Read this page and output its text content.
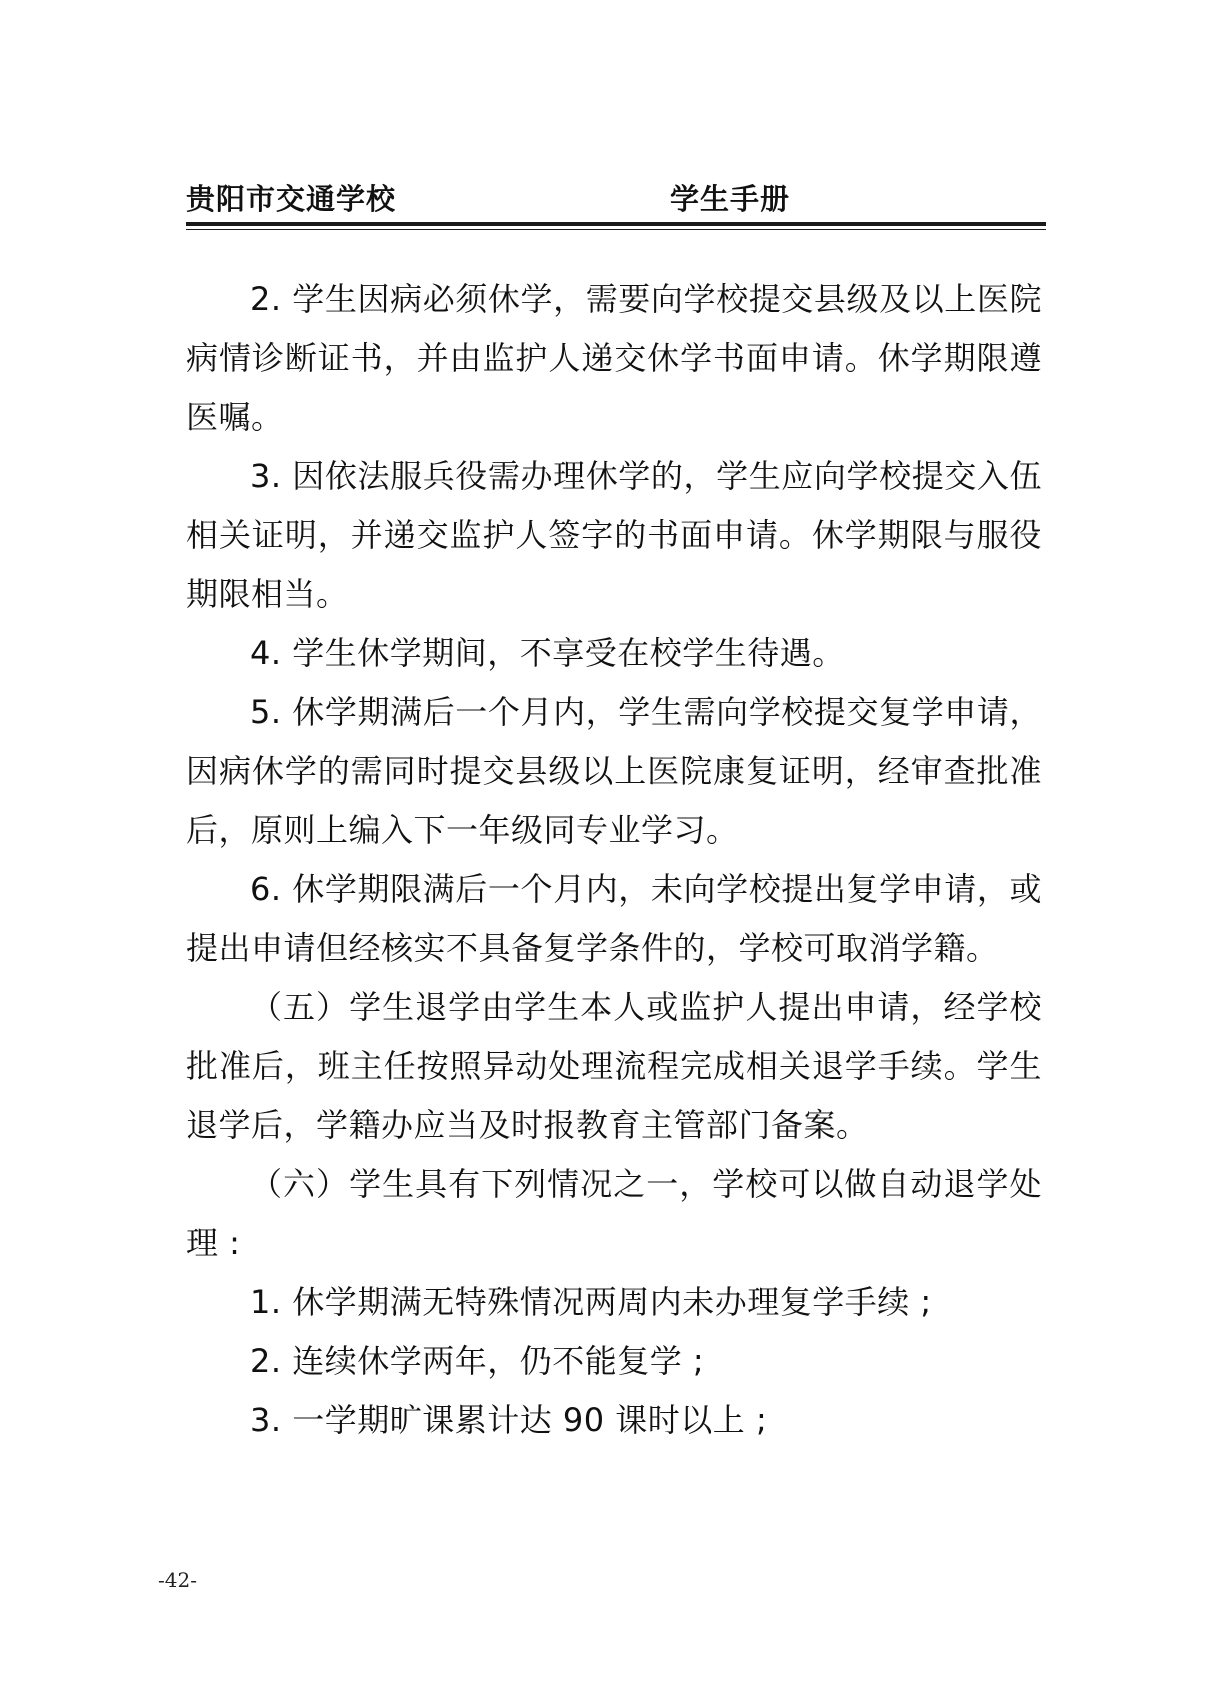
贵阳市交通学校	学生手册

2. 学生因病必须休学，需要向学校提交县级及以上医院病情诊断证书，并由监护人递交休学书面申请。休学期限遵医嘱。

3. 因依法服兵役需办理休学的，学生应向学校提交入伍相关证明，并递交监护人签字的书面申请。休学期限与服役期限相当。

4. 学生休学期间，不享受在校学生待遇。

5. 休学期满后一个月内，学生需向学校提交复学申请，因病休学的需同时提交县级以上医院康复证明，经审查批准后，原则上编入下一年级同专业学习。

6. 休学期限满后一个月内，未向学校提出复学申请，或提出申请但经核实不具备复学条件的，学校可取消学籍。

（五）学生退学由学生本人或监护人提出申请，经学校批准后，班主任按照异动处理流程完成相关退学手续。学生退学后，学籍办应当及时报教育主管部门备案。

（六）学生具有下列情况之一，学校可以做自动退学处理 :

1. 休学期满无特殊情况两周内未办理复学手续 ;

2. 连续休学两年，仍不能复学 ;

3. 一学期旷课累计达 90 课时以上 ;

-42-
